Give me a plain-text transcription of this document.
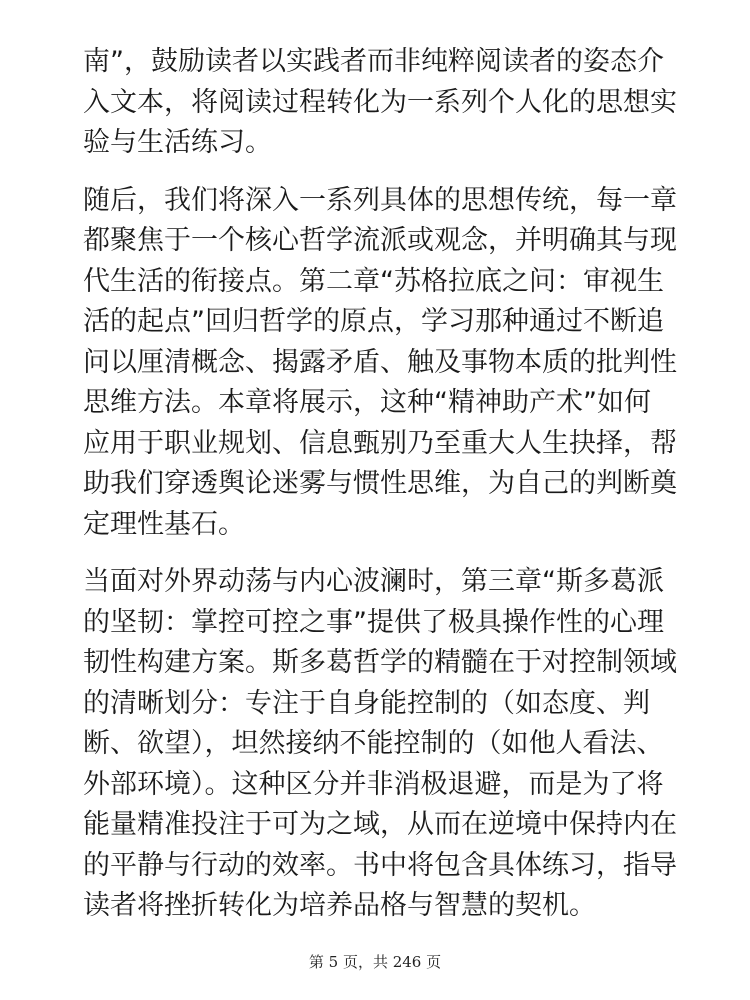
南”，鼓励读者以实践者而非纯粹阅读者的姿态介
入文本，将阅读过程转化为一系列个人化的思想实
验与生活练习。

随后，我们将深入一系列具体的思想传统，每一章
都聚焦于一个核心哲学流派或观念，并明确其与现
代生活的衔接点。第二章“苏格拉底之问：审视生
活的起点”回归哲学的原点，学习那种通过不断追
问以厘清概念、揭露矛盾、触及事物本质的批判性
思维方法。本章将展示，这种“精神助产术”如何
应用于职业规划、信息甄别乃至重大人生抉择，帮
助我们穿透舆论迷雾与惯性思维，为自己的判断奠
定理性基石。

当面对外界动荡与内心波澜时，第三章“斯多葛派
的坚韧：掌控可控之事”提供了极具操作性的心理
韧性构建方案。斯多葛哲学的精髓在于对控制领域
的清晰划分：专注于自身能控制的（如态度、判
断、欲望），坦然接纳不能控制的（如他人看法、
外部环境）。这种区分并非消极退避，而是为了将
能量精准投注于可为之域，从而在逆境中保持内在
的平静与行动的效率。书中将包含具体练习，指导
读者将挫折转化为培养品格与智慧的契机。

第 5 页，共 246 页
